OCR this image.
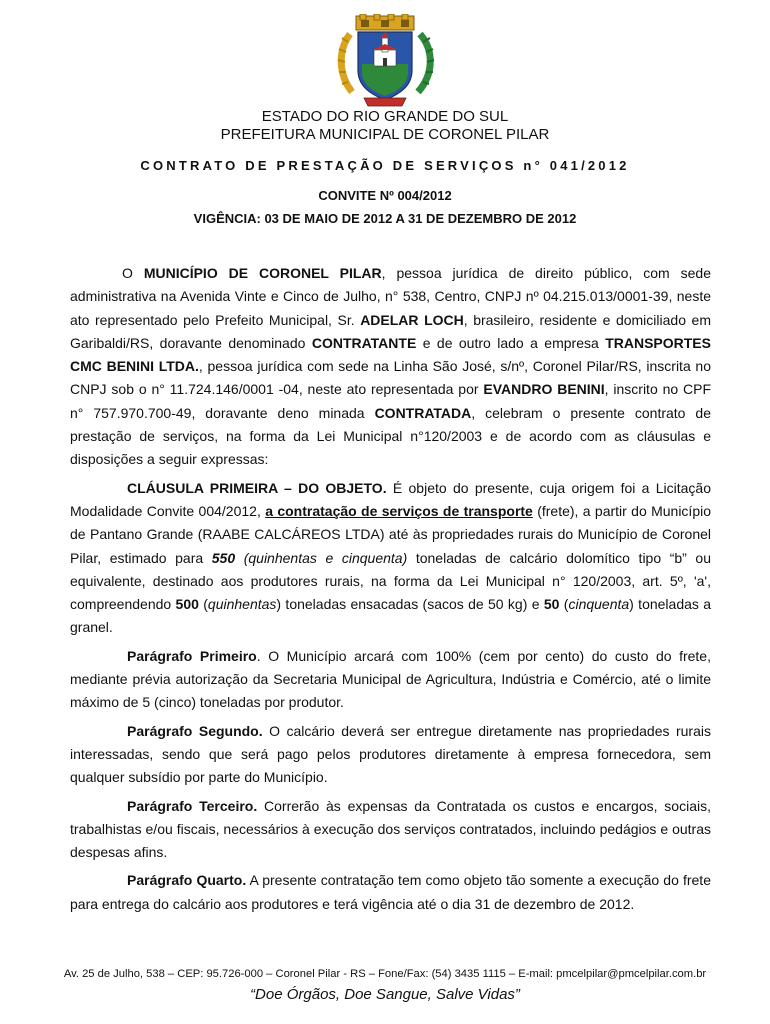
ESTADO DO RIO GRANDE DO SUL
PREFEITURA MUNICIPAL DE CORONEL PILAR
CONTRATO DE PRESTAÇÃO DE SERVIÇOS n° 041/2012
CONVITE Nº 004/2012
VIGÊNCIA: 03 DE MAIO DE 2012 A 31 DE DEZEMBRO DE 2012

O MUNICÍPIO DE CORONEL PILAR, pessoa jurídica de direito público, com sede administrativa na Avenida Vinte e Cinco de Julho, n° 538, Centro, CNPJ nº 04.215.013/0001-39, neste ato representado pelo Prefeito Municipal, Sr. ADELAR LOCH, brasileiro, residente e domiciliado em Garibaldi/RS, doravante denominado CONTRATANTE e de outro lado a empresa TRANSPORTES CMC BENINI LTDA., pessoa jurídica com sede na Linha São José, s/nº, Coronel Pilar/RS, inscrita no CNPJ sob o n° 11.724.146/0001 -04, neste ato representada por EVANDRO BENINI, inscrito no CPF n° 757.970.700-49, doravante deno minada CONTRATADA, celebram o presente contrato de prestação de serviços, na forma da Lei Municipal n°120/2003 e de acordo com as cláusulas e disposições a seguir expressas:

CLÁUSULA PRIMEIRA – DO OBJETO. É objeto do presente, cuja origem foi a Licitação Modalidade Convite 004/2012, a contratação de serviços de transporte (frete), a partir do Município de Pantano Grande (RAABE CALCÁREOS LTDA) até às propriedades rurais do Município de Coronel Pilar, estimado para 550 (quinhentas e cinquenta) toneladas de calcário dolomítico tipo “b” ou equivalente, destinado aos produtores rurais, na forma da Lei Municipal n° 120/2003, art. 5º, 'a', compreendendo 500 (quinhentas) toneladas ensacadas (sacos de 50 kg) e 50 (cinquenta) toneladas a granel.

Parágrafo Primeiro. O Município arcará com 100% (cem por cento) do custo do frete, mediante prévia autorização da Secretaria Municipal de Agricultura, Indústria e Comércio, até o limite máximo de 5 (cinco) toneladas por produtor.

Parágrafo Segundo. O calcário deverá ser entregue diretamente nas propriedades rurais interessadas, sendo que será pago pelos produtores diretamente à empresa fornecedora, sem qualquer subsídio por parte do Município.

Parágrafo Terceiro. Correrão às expensas da Contratada os custos e encargos, sociais, trabalhistas e/ou fiscais, necessários à execução dos serviços contratados, incluindo pedágios e outras despesas afins.

Parágrafo Quarto. A presente contratação tem como objeto tão somente a execução do frete para entrega do calcário aos produtores e terá vigência até o dia 31 de dezembro de 2012.

Av. 25 de Julho, 538 – CEP: 95.726-000 – Coronel Pilar - RS – Fone/Fax: (54) 3435 1115 – E-mail: pmcelpilar@pmcelpilar.com.br
“Doe Órgãos, Doe Sangue, Salve Vidas”
